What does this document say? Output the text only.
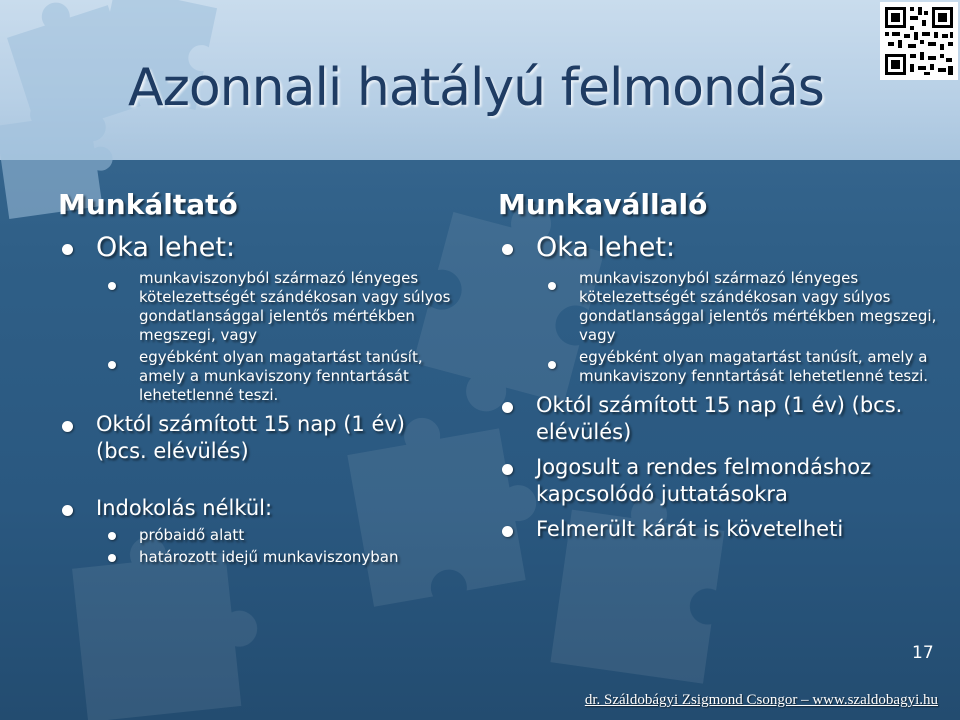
Azonnali hatályú felmondás
Munkáltató
Oka lehet:
munkaviszonyból származó lényeges kötelezettségét szándékosan vagy súlyos gondatlansággal jelentős mértékben megszegi, vagy
egyébként olyan magatartást tanúsít, amely a munkaviszony fenntartását lehetetlenné teszi.
Októl számított 15 nap (1 év) (bcs. elévülés)
Indokolás nélkül:
próbaidő alatt
határozott idejű munkaviszonyban
Munkavállaló
Oka lehet:
munkaviszonyból származó lényeges kötelezettségét szándékosan vagy súlyos gondatlansággal jelentős mértékben megszegi, vagy
egyébként olyan magatartást tanúsít, amely a munkaviszony fenntartását lehetetlenné teszi.
Októl számított 15 nap (1 év) (bcs. elévülés)
Jogosult a rendes felmondáshoz kapcsolódó juttatásokra
Felmerült kárát is követelheti
17
dr. Száldobágyi Zsigmond Csongor – www.szaldobagyi.hu
